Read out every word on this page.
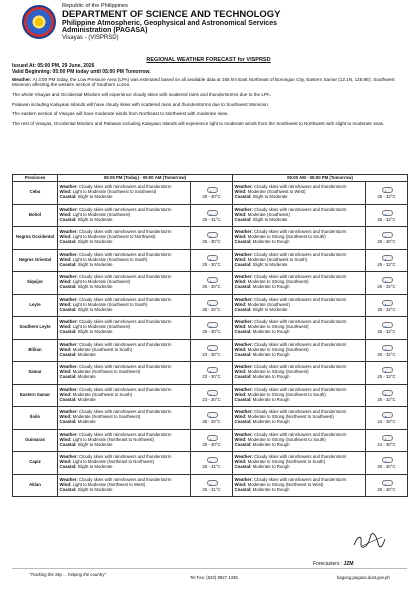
Republic of the Philippines
DEPARTMENT OF SCIENCE AND TECHNOLOGY
Philippine Atmospheric, Geophysical and Astronomical Services
Administration (PAGASA)
Visayas - (VISPRSD)
REGIONAL WEATHER FORECAST for VISPRSD
Issued At: 05:00 PM, 29 June, 2026
Valid Beginning: 05:00 PM today until 05:00 PM Tomorrow.

Weather: At 3:00 PM today, the Low Pressure Area (LPA) was estimated based on all available data at 165 km East Northeast of Borongan City, Eastern Samar (12.1N, 126.9E). Southwest Monsoon affecting the western section of Southern Luzon.

The whole Visayas and Occidental Mindoro will experience cloudy skies with scattered rains and thunderstorms due to the LPA.

Palawan including Kalayaan Islands will have cloudy skies with scattered rains and thunderstorms due to Southwest Monsoon.

The eastern section of Visayas will have moderate winds from Northeast to Northwest with moderate seas.

The rest of Visayas, Occidental Mindoro and Palawan including Kalayaan Islands will experience light to moderate winds from the Southwest to Northwest with slight to moderate seas.

Provinces	05:00 PM (Today) - 05:00 AM (Tomorrow)		05:00 AM - 05:00 PM (Tomorrow)	
Cebu	Weather: Cloudy skies with rainshowers and thunderstorm
Wind: Light to Moderate (Southwest to Southwest)
Coastal: Slight to Moderate	26 - 30°C	Weather: Cloudy skies with rainshowers and thunderstorm
Wind: Moderate (Southwest to West)
Coastal: Slight to Moderate	25 - 32°C

Bohol	Weather: Cloudy skies with rainshowers and thunderstorm
Wind: Light to Moderate (Southwest)
Coastal: Slight to Moderate	25 - 31°C	Weather: Cloudy skies with rainshowers and thunderstorm
Wind: Moderate (Southwest)
Coastal: Slight to Moderate	25 - 32°C

Negros Occidental	Weather: Cloudy skies with rainshowers and thunderstorm
Wind: Light to Moderate (Southwest to Northwest)
Coastal: Slight to Moderate	25 - 30°C	Weather: Cloudy skies with rainshowers and thunderstorm
Wind: Moderate to Strong (Southwest to South)
Coastal: Moderate to Rough	25 - 30°C

Negros Oriental	Weather: Cloudy skies with rainshowers and thunderstorm
Wind: Light to Moderate (Southwest to South)
Coastal: Slight to Moderate	25 - 30°C	Weather: Cloudy skies with rainshowers and thunderstorm
Wind: Moderate (Southwest to South)
Coastal: Slight to Moderate	25 - 32°C

Siquijor	Weather: Cloudy skies with rainshowers and thunderstorm
Wind: Light to Moderate (Southwest)
Coastal: Slight to Moderate	26 - 30°C	Weather: Cloudy skies with rainshowers and thunderstorm
Wind: Moderate to Strong (Southwest)
Coastal: Moderate to Rough	26 - 32°C

Leyte	Weather: Cloudy skies with rainshowers and thunderstorm
Wind: Light to Moderate (Southwest to South)
Coastal: Slight to Moderate	25 - 30°C	Weather: Cloudy skies with rainshowers and thunderstorm
Wind: Moderate (Southwest)
Coastal: Slight to Moderate	25 - 32°C

Southern Leyte	Weather: Cloudy skies with rainshowers and thunderstorm
Wind: Light to Moderate (Southwest)
Coastal: Slight to Moderate	25 - 30°C	Weather: Cloudy skies with rainshowers and thunderstorm
Wind: Moderate to Strong (Southwest)
Coastal: Moderate to Rough	25 - 32°C

Biliran	Weather: Cloudy skies with rainshowers and thunderstorm
Wind: Moderate (Southwest to South)
Coastal: Moderate	23 - 30°C	Weather: Cloudy skies with rainshowers and thunderstorm
Wind: Moderate to Strong (Southwest)
Coastal: Moderate to Rough	25 - 32°C

Samar	Weather: Cloudy skies with rainshowers and thunderstorm
Wind: Moderate (Northwest to Southwest)
Coastal: Moderate	23 - 30°C	Weather: Cloudy skies with rainshowers and thunderstorm
Wind: Moderate to Strong (Southwest)
Coastal: Moderate to Rough	25 - 32°C

Eastern Samar	Weather: Cloudy skies with rainshowers and thunderstorm
Wind: Moderate (Southwest to South)
Coastal: Moderate	23 - 30°C	Weather: Cloudy skies with rainshowers and thunderstorm
Wind: Moderate to Strong (Southwest to South)
Coastal: Moderate to Rough	25 - 32°C

Iloilo	Weather: Cloudy skies with rainshowers and thunderstorm
Wind: Moderate (Northwest to Southwest)
Coastal: Moderate	25 - 30°C	Weather: Cloudy skies with rainshowers and thunderstorm
Wind: Moderate to Strong (Northwest to Southwest)
Coastal: Moderate to Rough	24 - 30°C

Guimaras	Weather: Cloudy skies with rainshowers and thunderstorm
Wind: Light to Moderate (Northeast to Northwest)
Coastal: Slight to Moderate	25 - 30°C	Weather: Cloudy skies with rainshowers and thunderstorm
Wind: Moderate to Strong (Southwest to South)
Coastal: Moderate to Rough	24 - 30°C

Capiz	Weather: Cloudy skies with rainshowers and thunderstorm
Wind: Light to Moderate (Northeast to Northwest)
Coastal: Slight to Moderate	26 - 31°C	Weather: Cloudy skies with rainshowers and thunderstorm
Wind: Moderate to Strong (Northwest to South)
Coastal: Moderate to Rough	25 - 30°C

Aklan	Weather: Cloudy skies with rainshowers and thunderstorm
Wind: Light to Moderate (Northwest to West)
Coastal: Slight to Moderate	26 - 31°C	Weather: Cloudy skies with rainshowers and thunderstorm
Wind: Moderate to Strong (Northwest to West)
Coastal: Moderate to Rough	25 - 30°C
Forecasters : JZM
"Tracking the Sky ... helping the country"
Tel Fax: (632) 8927 1335	bagong.pagasa.dost.gov.ph
